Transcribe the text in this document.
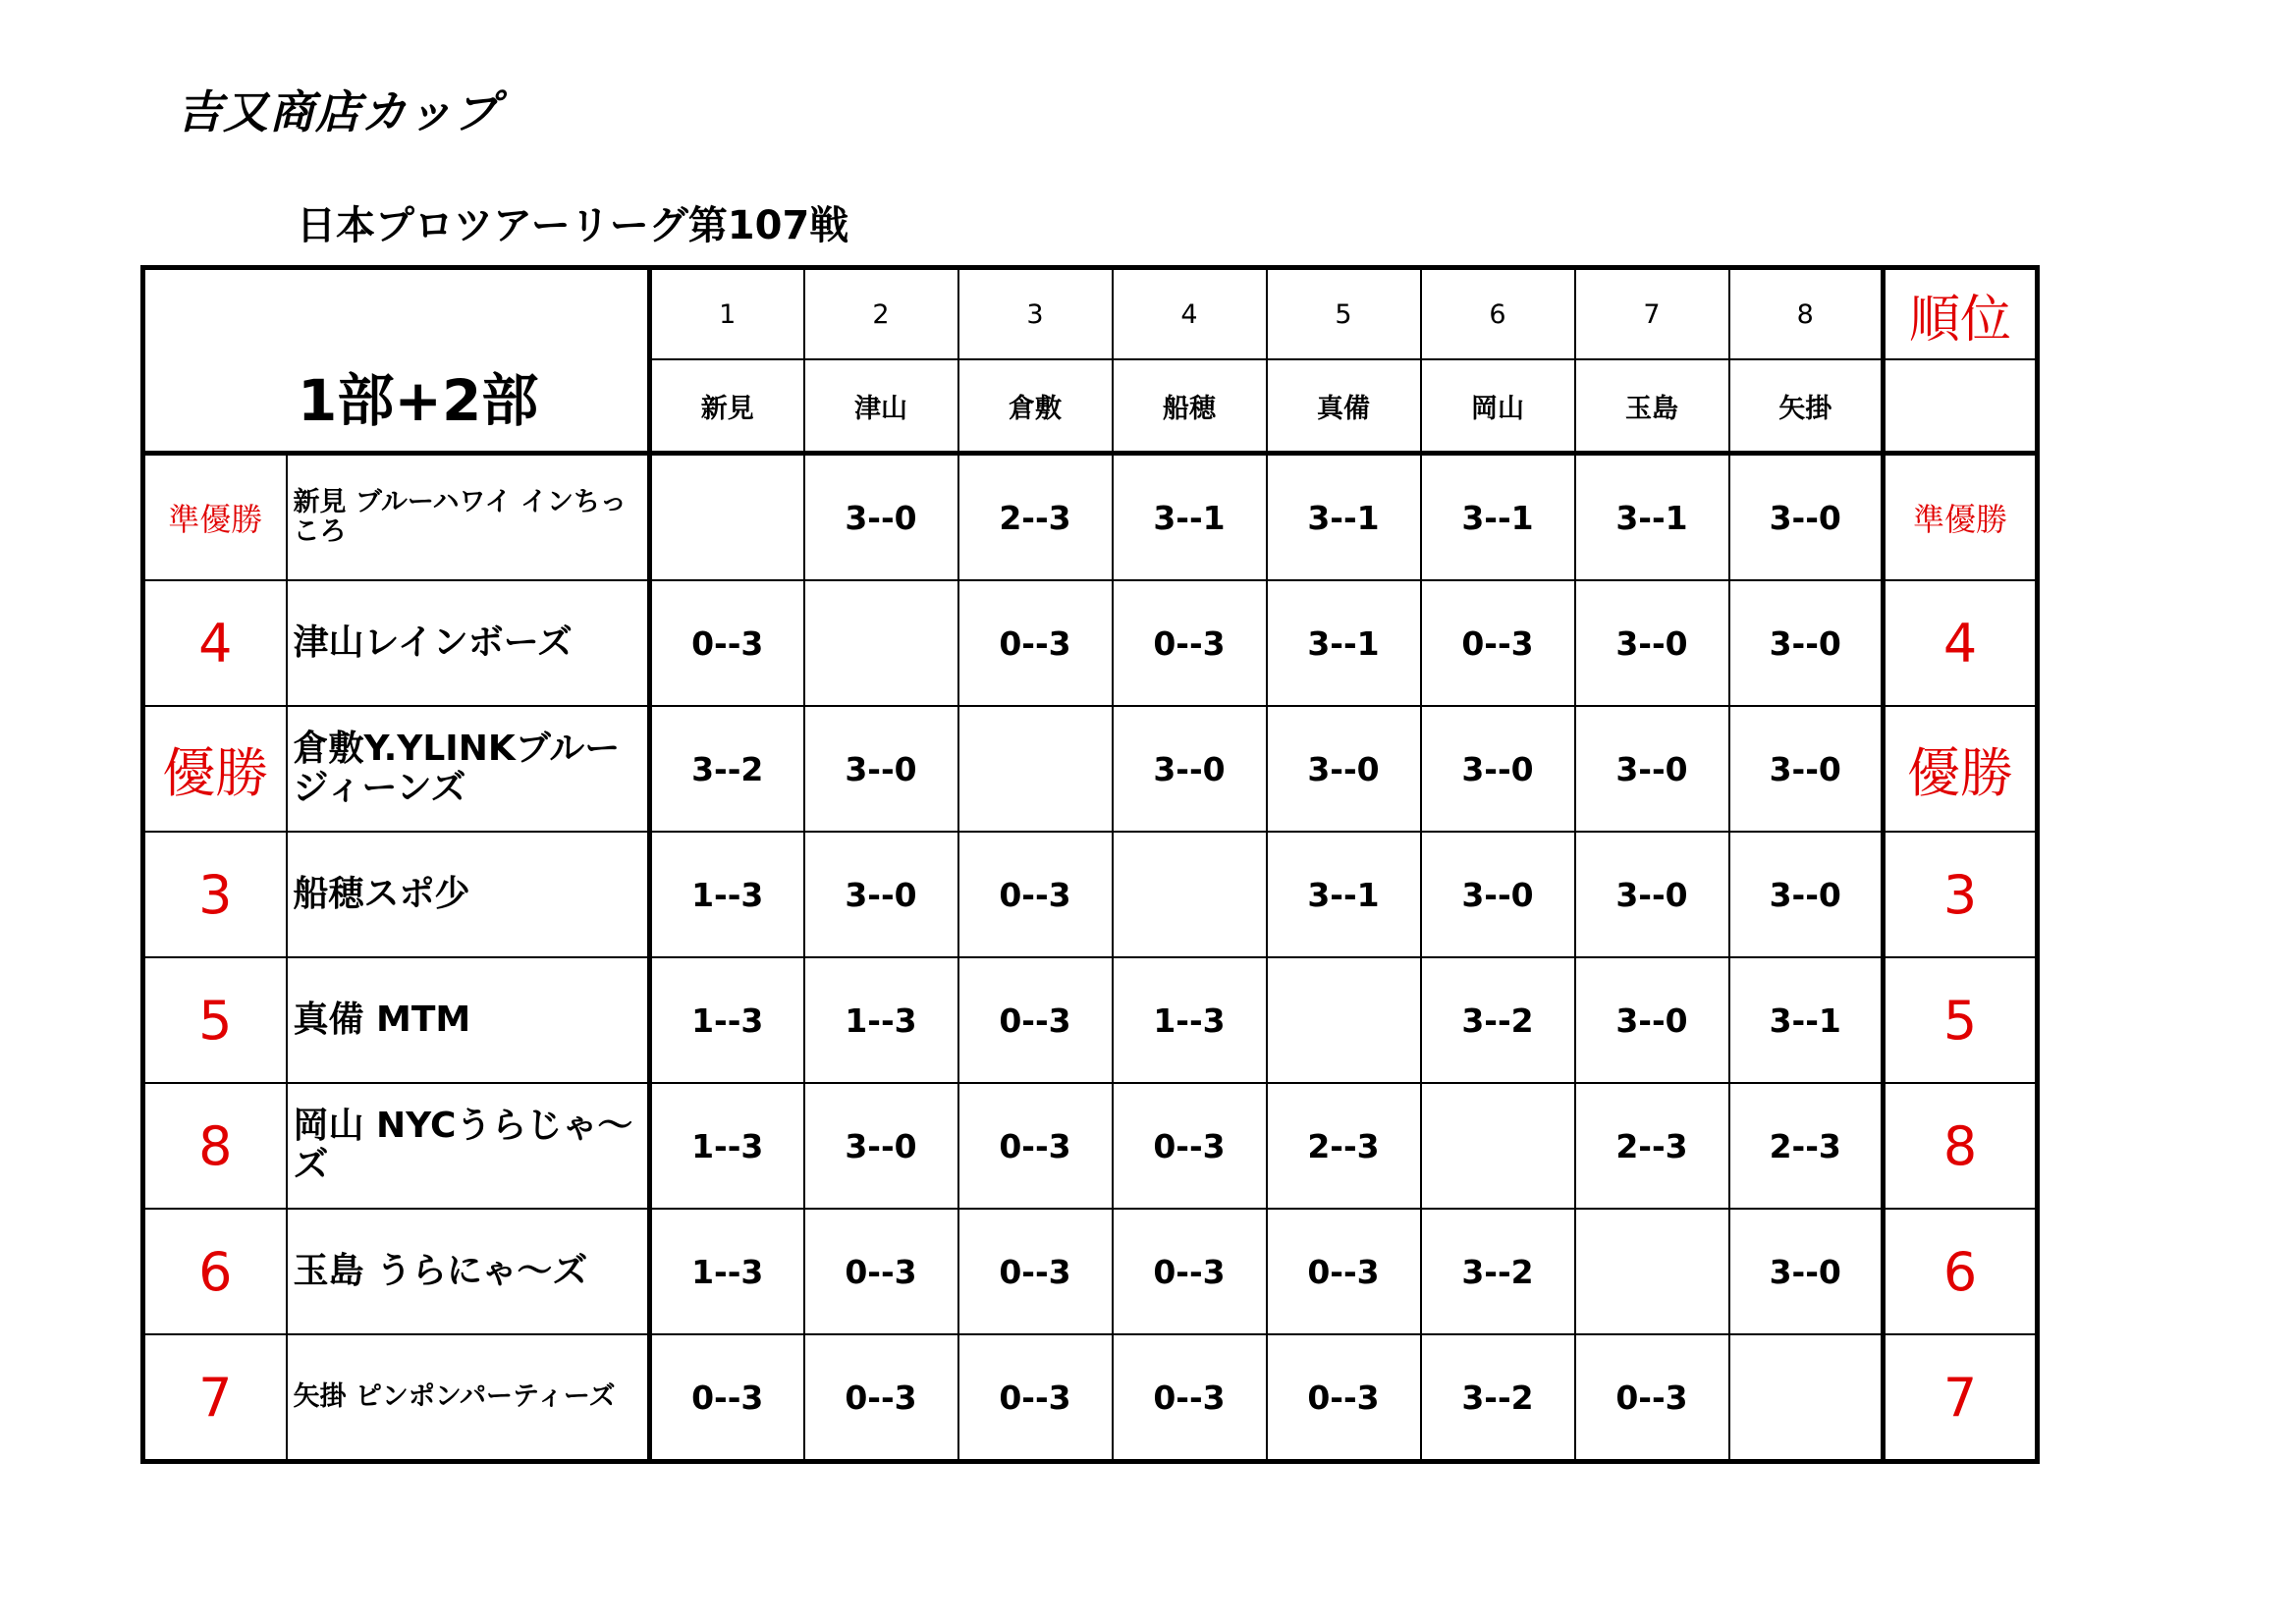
吉又商店カップ
日本プロツアーリーグ第107戦
1部+2部		1	2	3	4	5	6	7	8	順位
		新見	津山	倉敷	船穂	真備	岡山	玉島	矢掛	
準優勝	新見 ブルーハワイ インちっころ		3--0	2--3	3--1	3--1	3--1	3--1	3--0	準優勝
4	津山レインボーズ	0--3		0--3	0--3	3--1	0--3	3--0	3--0	4
優勝	倉敷Y.YLINKブルージィーンズ	3--2	3--0		3--0	3--0	3--0	3--0	3--0	優勝
3	船穂スポ少	1--3	3--0	0--3		3--1	3--0	3--0	3--0	3
5	真備 MTM	1--3	1--3	0--3	1--3		3--2	3--0	3--1	5
8	岡山 NYCうらじゃ〜ズ	1--3	3--0	0--3	0--3	2--3		2--3	2--3	8
6	玉島 うらにゃ〜ズ	1--3	0--3	0--3	0--3	0--3	3--2		3--0	6
7	矢掛 ピンポンパーティーズ	0--3	0--3	0--3	0--3	0--3	3--2	0--3		7
